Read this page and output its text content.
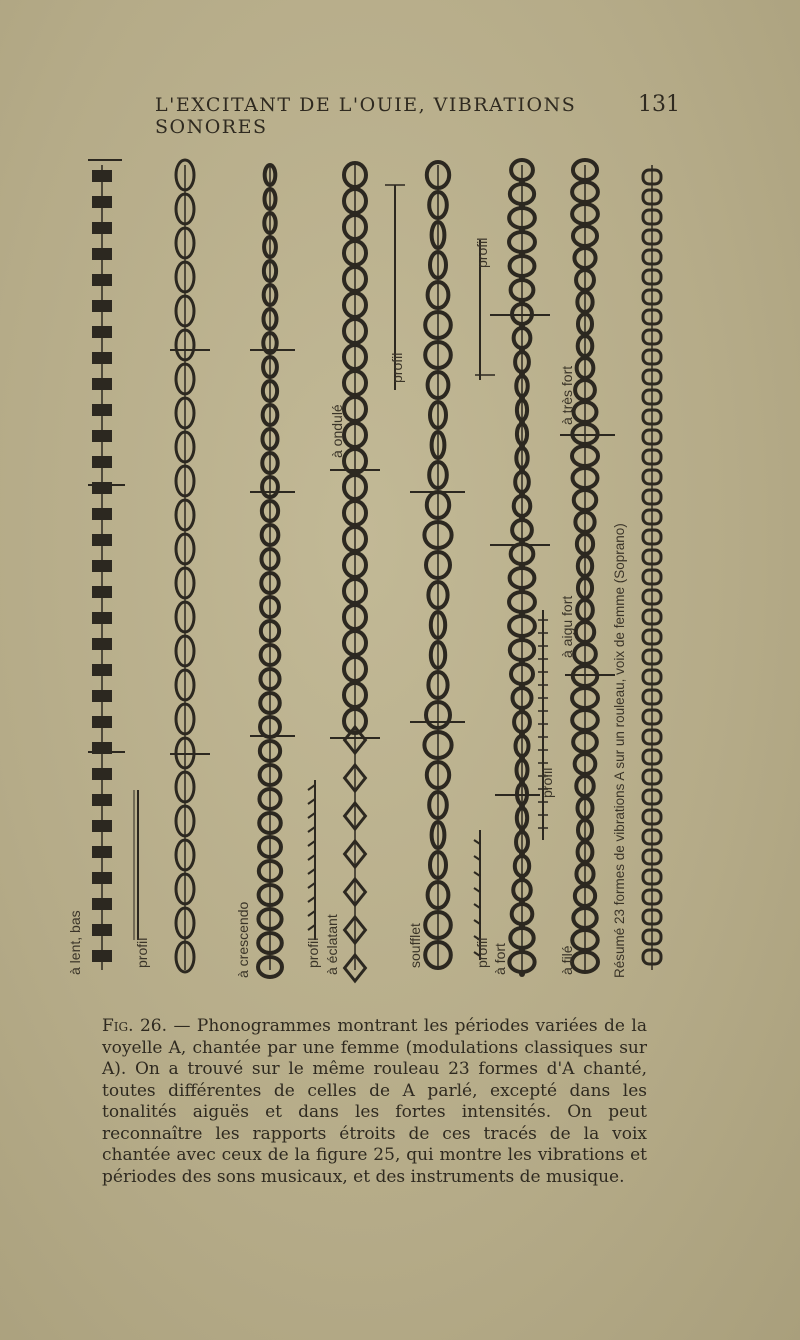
L'EXCITANT DE L'OUIE, VIBRATIONS SONORES
131
à lent, bas	profil	à crescendo	profil à éclatant
à ondulé
profil
soufflet
profil
profil à fort
profil
à aigu fort
à très fort
à filé	Résumé 23 formes de vibrations A sur un rouleau, voix de femme (Soprano)

Fig. 26. — Phonogrammes montrant les périodes variées de la voyelle A, chantée par une femme (modulations classiques sur A). On a trouvé sur le même rouleau 23 formes d'A chanté, toutes différentes de celles de A parlé, excepté dans les tonalités aiguës et dans les fortes intensités. On peut reconnaître les rapports étroits de ces tracés de la voix chantée avec ceux de la figure 25, qui montre les vibrations et périodes des sons musicaux, et des instruments de musique.
